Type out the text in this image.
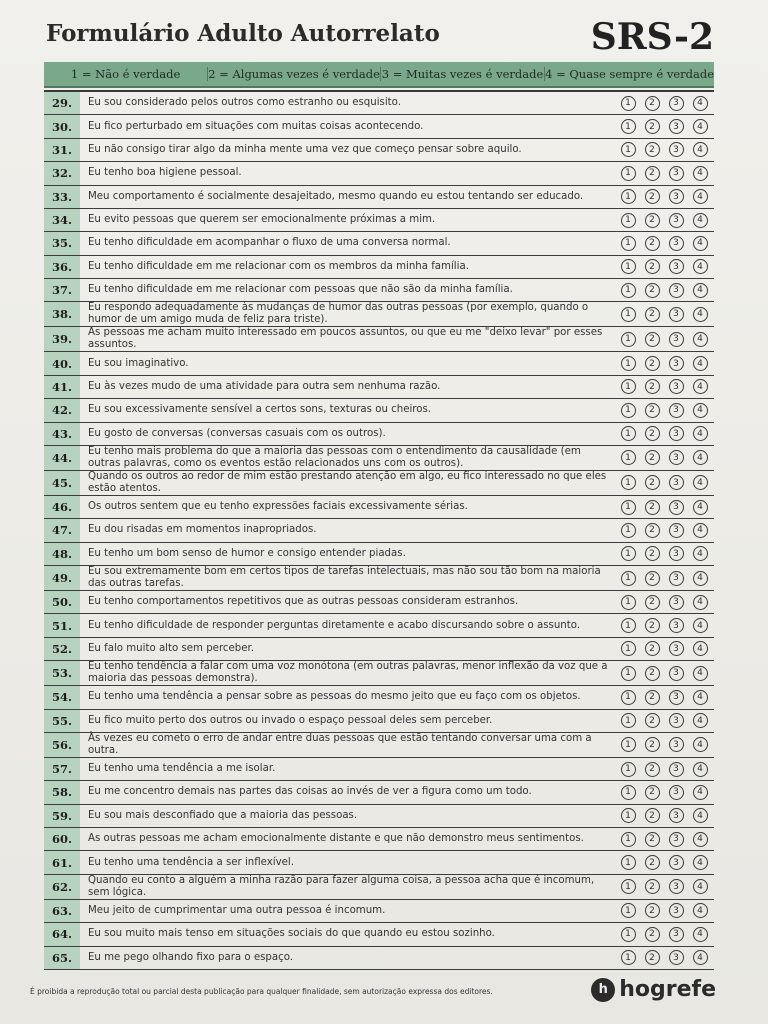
Formulário Adulto Autorrelato	SRS-2
1 = Não é verdade	2 = Algumas vezes é verdade 3 = Muitas vezes é verdade 4 = Quase sempre é verdade
29.	Eu sou considerado pelos outros como estranho ou esquisito.	1	2	3	4
30.	Eu fico perturbado em situações com muitas coisas acontecendo.	1	2	3	4
31.	Eu não consigo tirar algo da minha mente uma vez que começo pensar sobre aquilo.	1	2	3	4
32.	Eu tenho boa higiene pessoal.	1	2	3	4
33.	Meu comportamento é socialmente desajeitado, mesmo quando eu estou tentando ser educado.	1	2	3	4
34.	Eu evito pessoas que querem ser emocionalmente próximas a mim.	1	2	3	4
35.	Eu tenho dificuldade em acompanhar o fluxo de uma conversa normal.	1	2	3	4
36.	Eu tenho dificuldade em me relacionar com os membros da minha família.	1	2	3	4
37.	Eu tenho dificuldade em me relacionar com pessoas que não são da minha família.	1	2	3	4
38.	Eu respondo adequadamente às mudanças de humor das outras pessoas (por exemplo, quando o humor de um amigo muda de feliz para triste).	1	2	3	4
39.	As pessoas me acham muito interessado em poucos assuntos, ou que eu me "deixo levar" por esses assuntos.	1	2	3	4
40.	Eu sou imaginativo.	1	2	3	4
41.	Eu às vezes mudo de uma atividade para outra sem nenhuma razão.	1	2	3	4
42.	Eu sou excessivamente sensível a certos sons, texturas ou cheiros.	1	2	3	4
43.	Eu gosto de conversas (conversas casuais com os outros).	1	2	3	4
44.	Eu tenho mais problema do que a maioria das pessoas com o entendimento da causalidade (em outras palavras, como os eventos estão relacionados uns com os outros).	1	2	3	4
45.	Quando os outros ao redor de mim estão prestando atenção em algo, eu fico interessado no que eles estão atentos.	1	2	3	4
46.	Os outros sentem que eu tenho expressões faciais excessivamente sérias.	1	2	3	4
47.	Eu dou risadas em momentos inapropriados.	1	2	3	4
48.	Eu tenho um bom senso de humor e consigo entender piadas.	1	2	3	4
49.	Eu sou extremamente bom em certos tipos de tarefas intelectuais, mas não sou tão bom na maioria das outras tarefas.	1	2	3	4
50.	Eu tenho comportamentos repetitivos que as outras pessoas consideram estranhos.	1	2	3	4
51.	Eu tenho dificuldade de responder perguntas diretamente e acabo discursando sobre o assunto.	1	2	3	4
52.	Eu falo muito alto sem perceber.	1	2	3	4
53.	Eu tenho tendência a falar com uma voz monótona (em outras palavras, menor inflexão da voz que a maioria das pessoas demonstra).	1	2	3	4
54.	Eu tenho uma tendência a pensar sobre as pessoas do mesmo jeito que eu faço com os objetos.	1	2	3	4
55.	Eu fico muito perto dos outros ou invado o espaço pessoal deles sem perceber.	1	2	3	4
56.	Às vezes eu cometo o erro de andar entre duas pessoas que estão tentando conversar uma com a outra.	1	2	3	4
57.	Eu tenho uma tendência a me isolar.	1	2	3	4
58.	Eu me concentro demais nas partes das coisas ao invés de ver a figura como um todo.	1	2	3	4
59.	Eu sou mais desconfiado que a maioria das pessoas.	1	2	3	4
60.	As outras pessoas me acham emocionalmente distante e que não demonstro meus sentimentos.	1	2	3	4
61.	Eu tenho uma tendência a ser inflexível.	1	2	3	4
62.	Quando eu conto a alguém a minha razão para fazer alguma coisa, a pessoa acha que é incomum, sem lógica.	1	2	3	4
63.	Meu jeito de cumprimentar uma outra pessoa é incomum.	1	2	3	4
64.	Eu sou muito mais tenso em situações sociais do que quando eu estou sozinho.	1	2	3	4
65.	Eu me pego olhando fixo para o espaço.	1	2	3	4
É proibida a reprodução total ou parcial desta publicação para qualquer finalidade, sem autorização expressa dos editores.	h hogrefe
